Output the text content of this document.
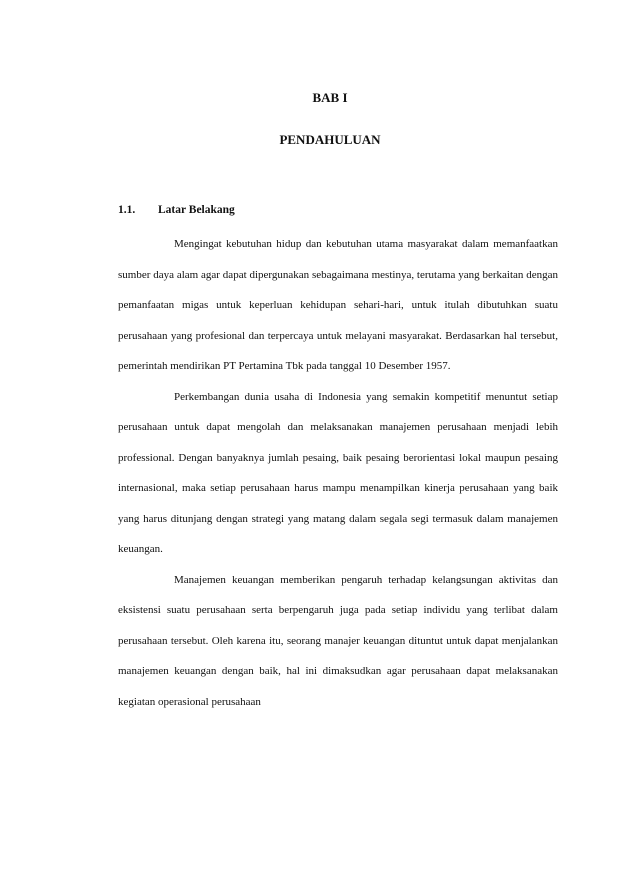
BAB I
PENDAHULUAN
1.1.	Latar Belakang

Mengingat kebutuhan hidup dan kebutuhan utama masyarakat dalam memanfaatkan sumber daya alam agar dapat dipergunakan sebagaimana mestinya, terutama yang berkaitan dengan pemanfaatan migas untuk keperluan kehidupan sehari-hari, untuk itulah dibutuhkan suatu perusahaan yang profesional dan terpercaya untuk melayani masyarakat. Berdasarkan hal tersebut, pemerintah mendirikan PT Pertamina Tbk pada tanggal 10 Desember 1957.

Perkembangan dunia usaha di Indonesia yang semakin kompetitif menuntut setiap perusahaan untuk dapat mengolah dan melaksanakan manajemen perusahaan menjadi lebih professional. Dengan banyaknya jumlah pesaing, baik pesaing berorientasi lokal maupun pesaing internasional, maka setiap perusahaan harus mampu menampilkan kinerja perusahaan yang baik yang harus ditunjang dengan strategi yang matang dalam segala segi termasuk dalam manajemen keuangan.

Manajemen keuangan memberikan pengaruh terhadap kelangsungan aktivitas dan eksistensi suatu perusahaan serta berpengaruh juga pada setiap individu yang terlibat dalam perusahaan tersebut. Oleh karena itu, seorang manajer keuangan dituntut untuk dapat menjalankan manajemen keuangan dengan baik, hal ini dimaksudkan agar perusahaan dapat melaksanakan kegiatan operasional perusahaan
